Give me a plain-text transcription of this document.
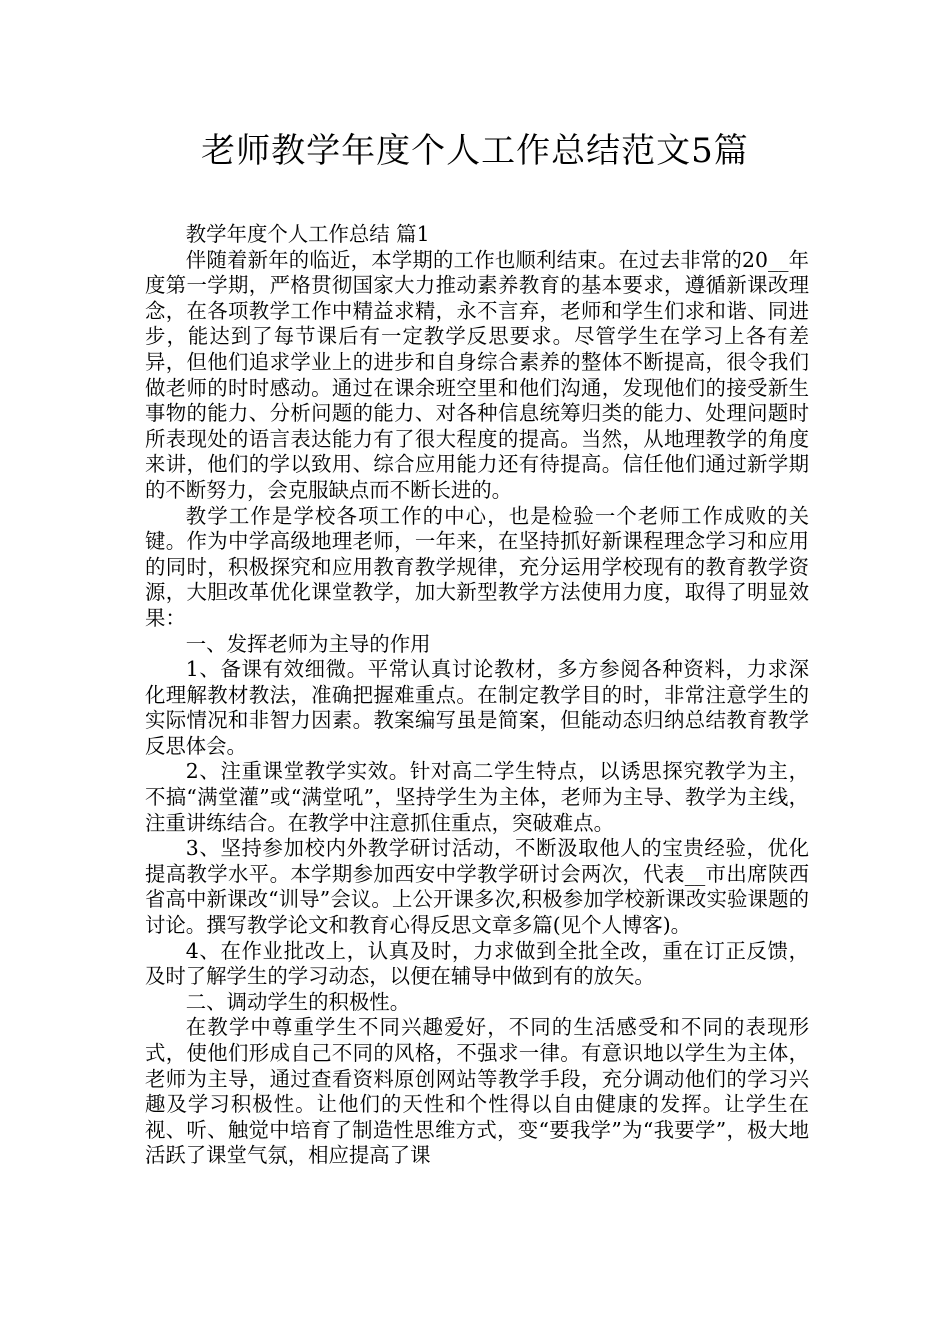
老师教学年度个人工作总结范文5篇

教学年度个人工作总结 篇1

伴随着新年的临近，本学期的工作也顺利结束。在过去非常的20__年度第一学期，严格贯彻国家大力推动素养教育的基本要求，遵循新课改理念，在各项教学工作中精益求精，永不言弃，老师和学生们求和谐、同进步，能达到了每节课后有一定教学反思要求。尽管学生在学习上各有差异，但他们追求学业上的进步和自身综合素养的整体不断提高，很令我们做老师的时时感动。通过在课余班空里和他们沟通，发现他们的接受新生事物的能力、分析问题的能力、对各种信息统筹归类的能力、处理问题时所表现处的语言表达能力有了很大程度的提高。当然，从地理教学的角度来讲，他们的学以致用、综合应用能力还有待提高。信任他们通过新学期的不断努力，会克服缺点而不断长进的。

教学工作是学校各项工作的中心，也是检验一个老师工作成败的关键。作为中学高级地理老师，一年来，在坚持抓好新课程理念学习和应用的同时，积极探究和应用教育教学规律，充分运用学校现有的教育教学资源，大胆改革优化课堂教学，加大新型教学方法使用力度，取得了明显效果：

一、发挥老师为主导的作用

1、备课有效细微。平常认真讨论教材，多方参阅各种资料，力求深化理解教材教法，准确把握难重点。在制定教学目的时，非常注意学生的实际情况和非智力因素。教案编写虽是简案，但能动态归纳总结教育教学反思体会。

2、注重课堂教学实效。针对高二学生特点，以诱思探究教学为主，不搞“满堂灌”或“满堂吼”，坚持学生为主体，老师为主导、教学为主线，注重讲练结合。在教学中注意抓住重点，突破难点。

3、坚持参加校内外教学研讨活动，不断汲取他人的宝贵经验，优化提高教学水平。本学期参加西安中学教学研讨会两次，代表__市出席陕西省高中新课改“训导”会议。上公开课多次,积极参加学校新课改实验课题的讨论。撰写教学论文和教育心得反思文章多篇(见个人博客)。

4、在作业批改上，认真及时，力求做到全批全改，重在订正反馈，及时了解学生的学习动态，以便在辅导中做到有的放矢。

二、调动学生的积极性。

在教学中尊重学生不同兴趣爱好，不同的生活感受和不同的表现形式，使他们形成自己不同的风格，不强求一律。有意识地以学生为主体，老师为主导，通过查看资料原创网站等教学手段，充分调动他们的学习兴趣及学习积极性。让他们的天性和个性得以自由健康的发挥。让学生在视、听、触觉中培育了制造性思维方式，变“要我学”为“我要学”，极大地活跃了课堂气氛，相应提高了课
